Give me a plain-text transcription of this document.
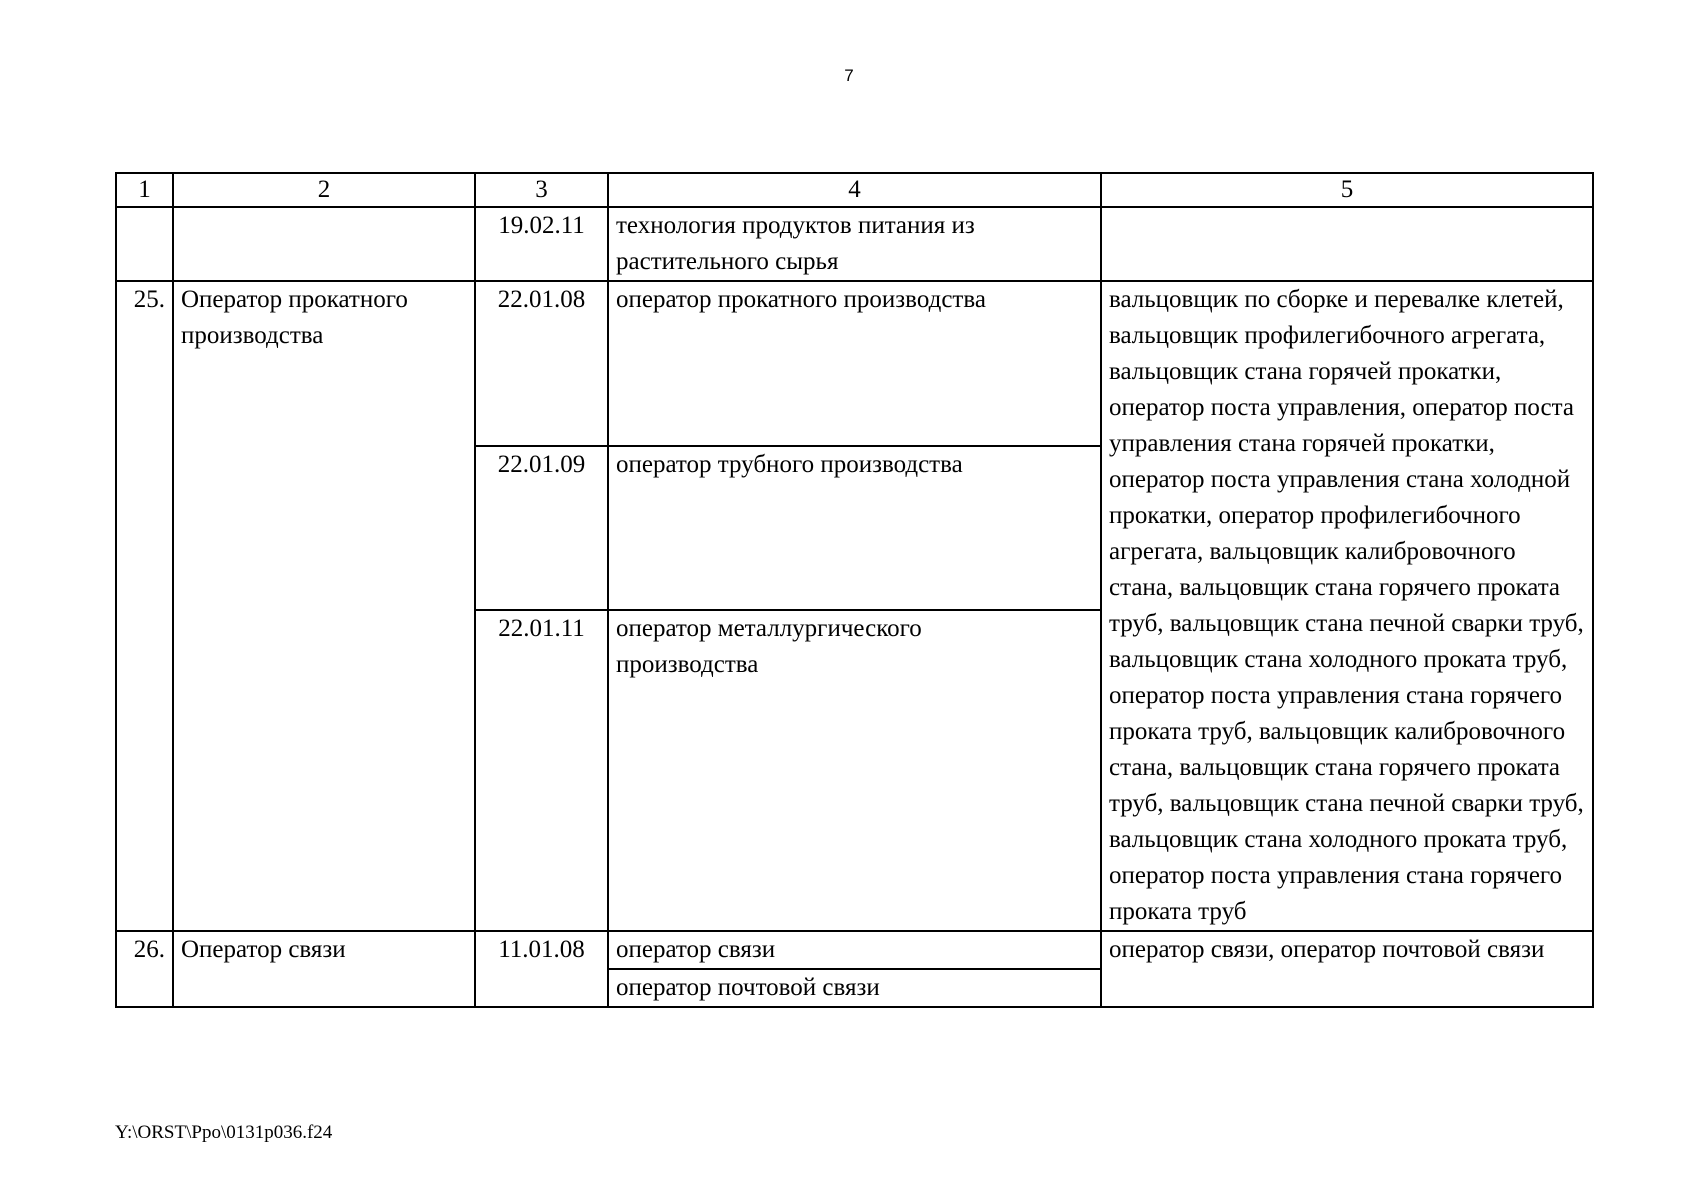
7
1	2	3	4	5
		19.02.11	технология продуктов питания из растительного сырья	
25.	Оператор прокатного производства	22.01.08	оператор прокатного производства	вальцовщик по сборке и перевалке клетей, вальцовщик профилегибочного агрегата, вальцовщик стана горячей прокатки, оператор поста управления, оператор поста управления стана горячей прокатки, оператор поста управления стана холодной прокатки, оператор профилегибочного агрегата, вальцовщик калибровочного стана, вальцовщик стана горячего проката труб, вальцовщик стана печной сварки труб, вальцовщик стана холодного проката труб, оператор поста управления стана горячего проката труб, вальцовщик калибровочного стана, вальцовщик стана горячего проката труб, вальцовщик стана печной сварки труб, вальцовщик стана холодного проката труб, оператор поста управления стана горячего проката труб
		22.01.09	оператор трубного производства	
		22.01.11	оператор металлургического производства	
26.	Оператор связи	11.01.08	оператор связи	оператор связи, оператор почтовой связи
			оператор почтовой связи	
Y:\ORST\Ppo\0131p036.f24
